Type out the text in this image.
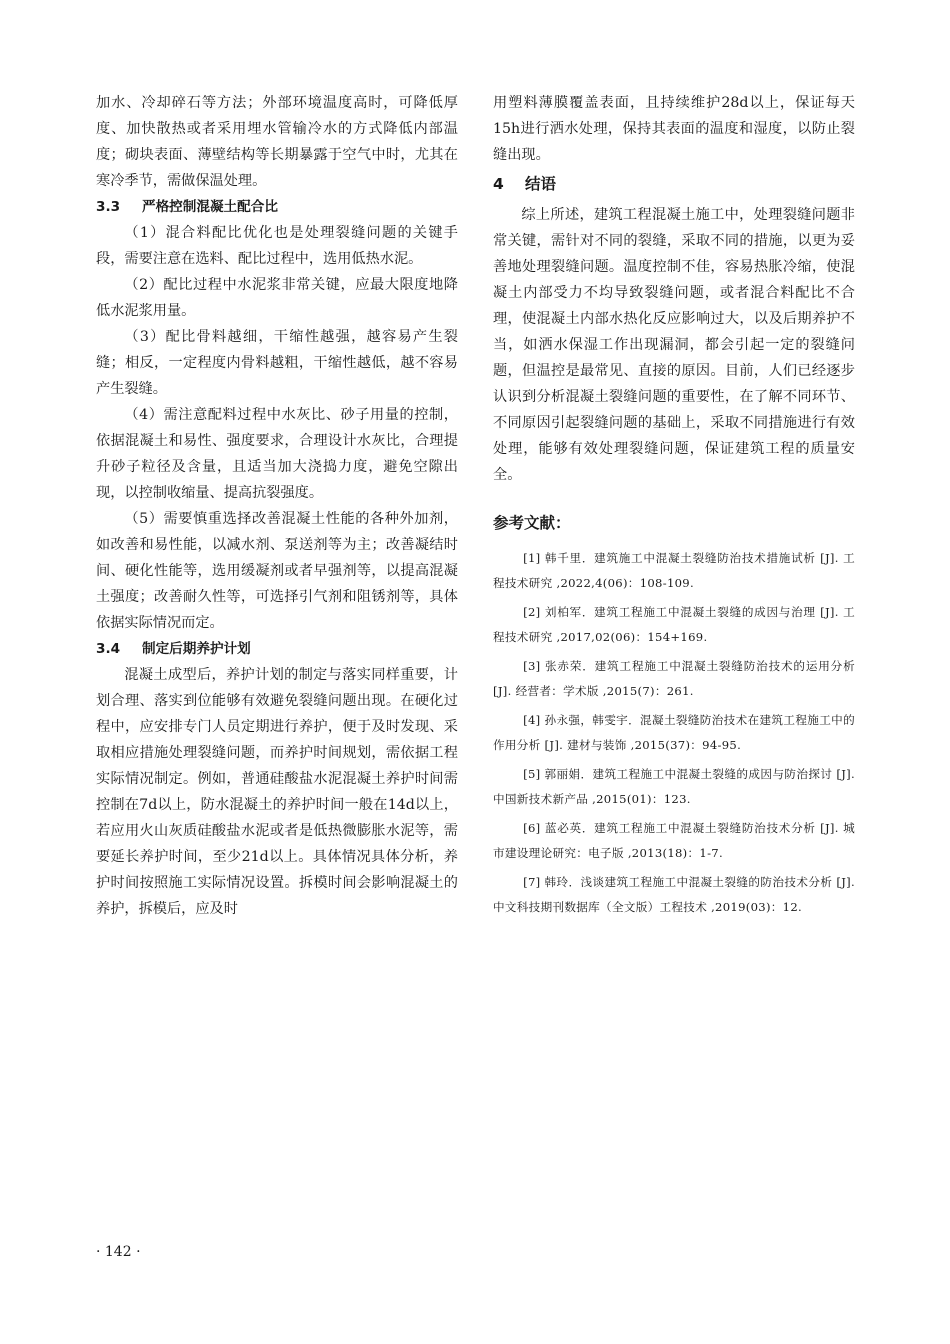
加水、冷却碎石等方法；外部环境温度高时，可降低厚度、加快散热或者采用埋水管输冷水的方式降低内部温度；砌块表面、薄壁结构等长期暴露于空气中时，尤其在寒冷季节，需做保温处理。

3.3 严格控制混凝土配合比

（1）混合料配比优化也是处理裂缝问题的关键手段，需要注意在选料、配比过程中，选用低热水泥。

（2）配比过程中水泥浆非常关键，应最大限度地降低水泥浆用量。

（3）配比骨料越细，干缩性越强，越容易产生裂缝；相反，一定程度内骨料越粗，干缩性越低，越不容易产生裂缝。

（4）需注意配料过程中水灰比、砂子用量的控制，依据混凝土和易性、强度要求，合理设计水灰比，合理提升砂子粒径及含量，且适当加大浇捣力度，避免空隙出现，以控制收缩量、提高抗裂强度。

（5）需要慎重选择改善混凝土性能的各种外加剂，如改善和易性能，以减水剂、泵送剂等为主；改善凝结时间、硬化性能等，选用缓凝剂或者早强剂等，以提高混凝土强度；改善耐久性等，可选择引气剂和阻锈剂等，具体依据实际情况而定。

3.4 制定后期养护计划

混凝土成型后，养护计划的制定与落实同样重要，计划合理、落实到位能够有效避免裂缝问题出现。在硬化过程中，应安排专门人员定期进行养护，便于及时发现、采取相应措施处理裂缝问题，而养护时间规划，需依据工程实际情况制定。例如，普通硅酸盐水泥混凝土养护时间需控制在7d以上，防水混凝土的养护时间一般在14d以上，若应用火山灰质硅酸盐水泥或者是低热微膨胀水泥等，需要延长养护时间，至少21d以上。具体情况具体分析，养护时间按照施工实际情况设置。拆模时间会影响混凝土的养护，拆模后，应及时

用塑料薄膜覆盖表面，且持续维护28d以上，保证每天15h进行洒水处理，保持其表面的温度和湿度，以防止裂缝出现。

4 结语

综上所述，建筑工程混凝土施工中，处理裂缝问题非常关键，需针对不同的裂缝，采取不同的措施，以更为妥善地处理裂缝问题。温度控制不佳，容易热胀冷缩，使混凝土内部受力不均导致裂缝问题，或者混合料配比不合理，使混凝土内部水热化反应影响过大，以及后期养护不当，如洒水保湿工作出现漏洞，都会引起一定的裂缝问题，但温控是最常见、直接的原因。目前，人们已经逐步认识到分析混凝土裂缝问题的重要性，在了解不同环节、不同原因引起裂缝问题的基础上，采取不同措施进行有效处理，能够有效处理裂缝问题，保证建筑工程的质量安全。

参考文献：
[1] 韩千里．建筑施工中混凝土裂缝防治技术措施试析 [J]. 工程技术研究 ,2022,4(06)：108-109.
[2] 刘柏军．建筑工程施工中混凝土裂缝的成因与治理 [J]. 工程技术研究 ,2017,02(06)：154+169.
[3] 张赤荣．建筑工程施工中混凝土裂缝防治技术的运用分析 [J]. 经营者：学术版 ,2015(7)：261.
[4] 孙永强，韩雯宇．混凝土裂缝防治技术在建筑工程施工中的作用分析 [J]. 建材与装饰 ,2015(37)：94-95.
[5] 郭丽娟．建筑工程施工中混凝土裂缝的成因与防治探讨 [J]. 中国新技术新产品 ,2015(01)：123.
[6] 蓝必英．建筑工程施工中混凝土裂缝防治技术分析 [J]. 城市建设理论研究：电子版 ,2013(18)：1-7.
[7] 韩玲．浅谈建筑工程施工中混凝土裂缝的防治技术分析 [J]. 中文科技期刊数据库（全文版）工程技术 ,2019(03)：12.
· 142 ·
